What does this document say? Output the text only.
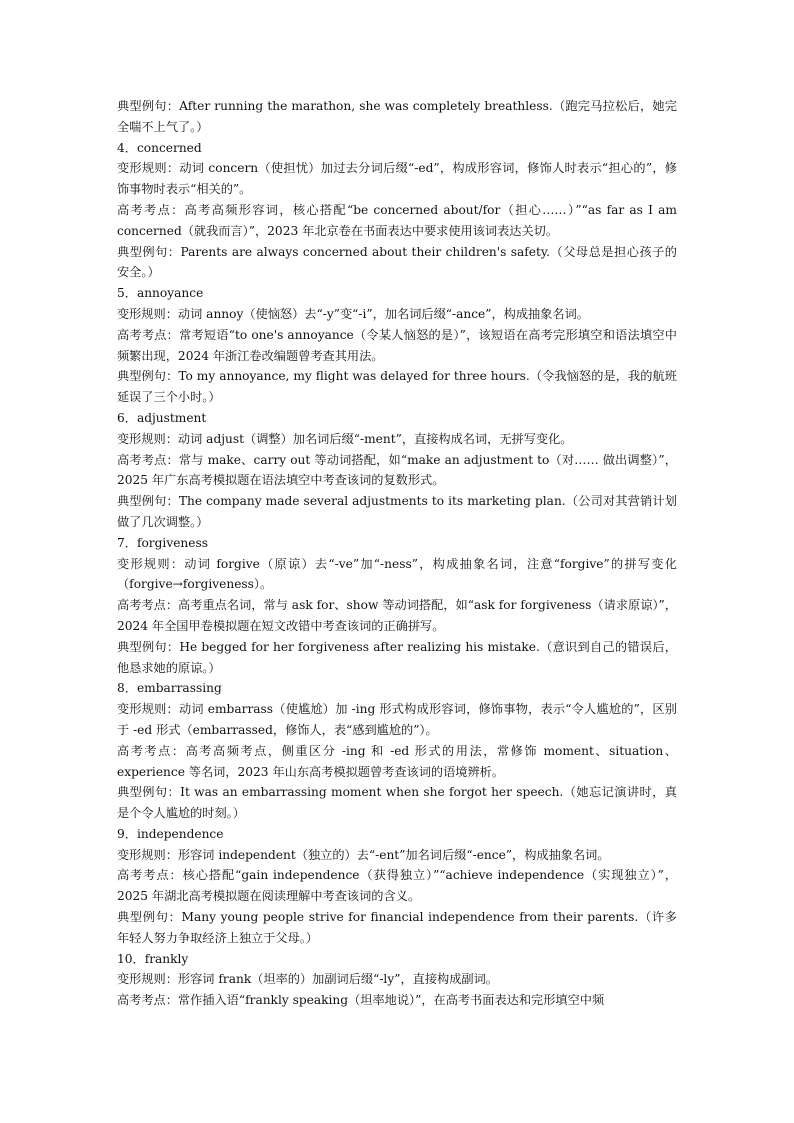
典型例句：After running the marathon, she was completely breathless.（跑完马拉松后，她完全喘不上气了。）

4．concerned

变形规则：动词 concern（使担忧）加过去分词后缀“-ed”，构成形容词，修饰人时表示“担心的”，修饰事物时表示“相关的”。

高考考点：高考高频形容词，核心搭配“be concerned about/for（担心……）”“as far as I am concerned（就我而言）”，2023 年北京卷在书面表达中要求使用该词表达关切。

典型例句：Parents are always concerned about their children's safety.（父母总是担心孩子的安全。）

5．annoyance

变形规则：动词 annoy（使恼怒）去“-y”变“-i”，加名词后缀“-ance”，构成抽象名词。

高考考点：常考短语“to one's annoyance（令某人恼怒的是）”，该短语在高考完形填空和语法填空中频繁出现，2024 年浙江卷改编题曾考查其用法。

典型例句：To my annoyance, my flight was delayed for three hours.（令我恼怒的是，我的航班延误了三个小时。）

6．adjustment

变形规则：动词 adjust（调整）加名词后缀“-ment”，直接构成名词，无拼写变化。

高考考点：常与 make、carry out 等动词搭配，如“make an adjustment to（对…… 做出调整）”，2025 年广东高考模拟题在语法填空中考查该词的复数形式。

典型例句：The company made several adjustments to its marketing plan.（公司对其营销计划做了几次调整。）

7．forgiveness

变形规则：动词 forgive（原谅）去“-ve”加“-ness”，构成抽象名词，注意“forgive”的拼写变化（forgive→forgiveness）。

高考考点：高考重点名词，常与 ask for、show 等动词搭配，如“ask for forgiveness（请求原谅）”，2024 年全国甲卷模拟题在短文改错中考查该词的正确拼写。

典型例句：He begged for her forgiveness after realizing his mistake.（意识到自己的错误后，他恳求她的原谅。）

8．embarrassing

变形规则：动词 embarrass（使尴尬）加 -ing 形式构成形容词，修饰事物，表示“令人尴尬的”，区别于 -ed 形式（embarrassed，修饰人，表“感到尴尬的”）。

高考考点：高考高频考点，侧重区分 -ing 和 -ed 形式的用法，常修饰 moment、situation、experience 等名词，2023 年山东高考模拟题曾考查该词的语境辨析。

典型例句：It was an embarrassing moment when she forgot her speech.（她忘记演讲时，真是个令人尴尬的时刻。）

9．independence

变形规则：形容词 independent（独立的）去“-ent”加名词后缀“-ence”，构成抽象名词。

高考考点：核心搭配“gain independence（获得独立）”“achieve independence（实现独立）”，2025 年湖北高考模拟题在阅读理解中考查该词的含义。

典型例句：Many young people strive for financial independence from their parents.（许多年轻人努力争取经济上独立于父母。）

10．frankly

变形规则：形容词 frank（坦率的）加副词后缀“-ly”，直接构成副词。

高考考点：常作插入语“frankly speaking（坦率地说）”，在高考书面表达和完形填空中频
